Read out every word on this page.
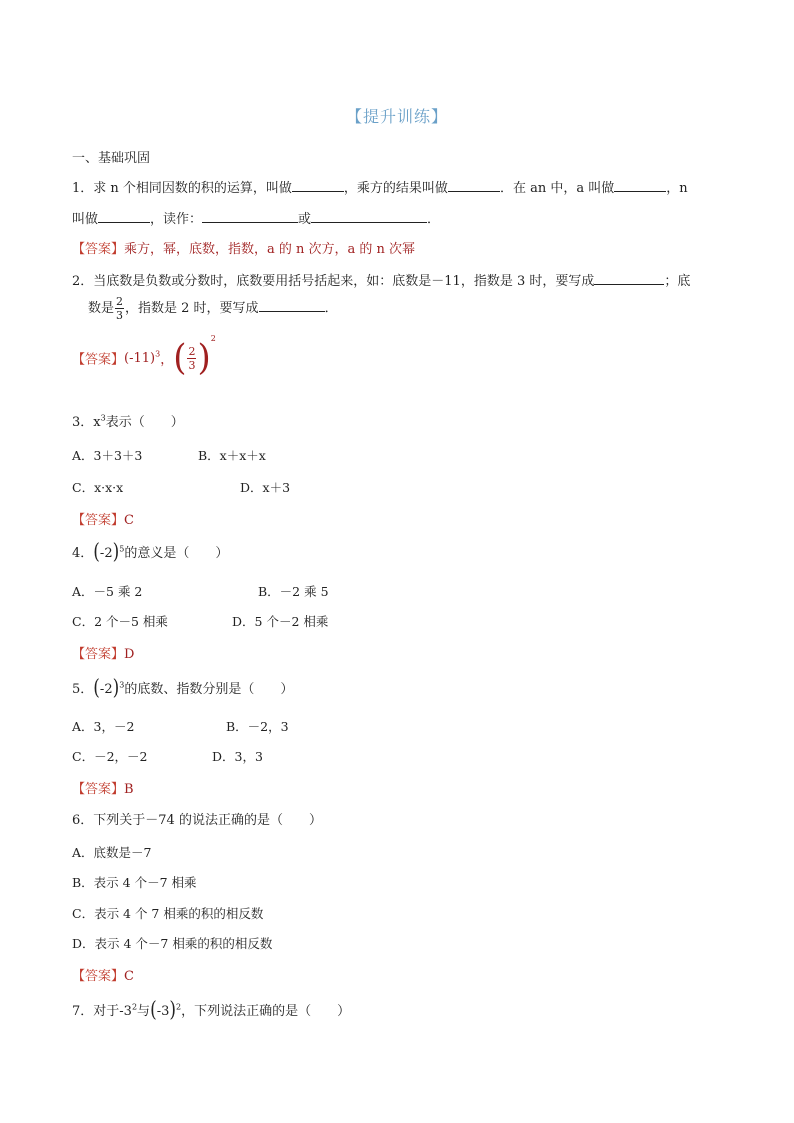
【提升训练】
一、基础巩固
1．求 n 个相同因数的积的运算，叫做	，乘方的结果叫做	．在 an 中，a 叫做	，n
叫做	，读作：	或	．
【答案】乘方，幂，底数，指数，a 的 n 次方，a 的 n 次幂
2．当底数是负数或分数时，底数要用括号括起来，如：底数是－11，指数是 3 时，要写成	；底
数是 $\frac{2}{3}$ ，指数是 2 时，要写成	．
【答案】$(-11)^3$，( $\frac{2}{3} )^2$
3．$x^3$表示（　　）
A．3＋3＋3	B．x＋x＋x
C．x·x·x	D．x＋3
【答案】C
4．$(-2)^5$的意义是（　　）
A．－5 乘 2	B．－2 乘 5
C．2 个－5 相乘	D．5 个－2 相乘
【答案】D
5．$(-2)^3$的底数、指数分别是（　　）
A．3，－2	B．－2，3
C．－2，－2	D．3，3
【答案】B
6．下列关于－74 的说法正确的是（　　）
A．底数是－7
B．表示 4 个－7 相乘
C．表示 4 个 7 相乘的积的相反数
D．表示 4 个－7 相乘的积的相反数
【答案】C
7．对于$-3^2$与$(-3)^2$，下列说法正确的是（　　）
